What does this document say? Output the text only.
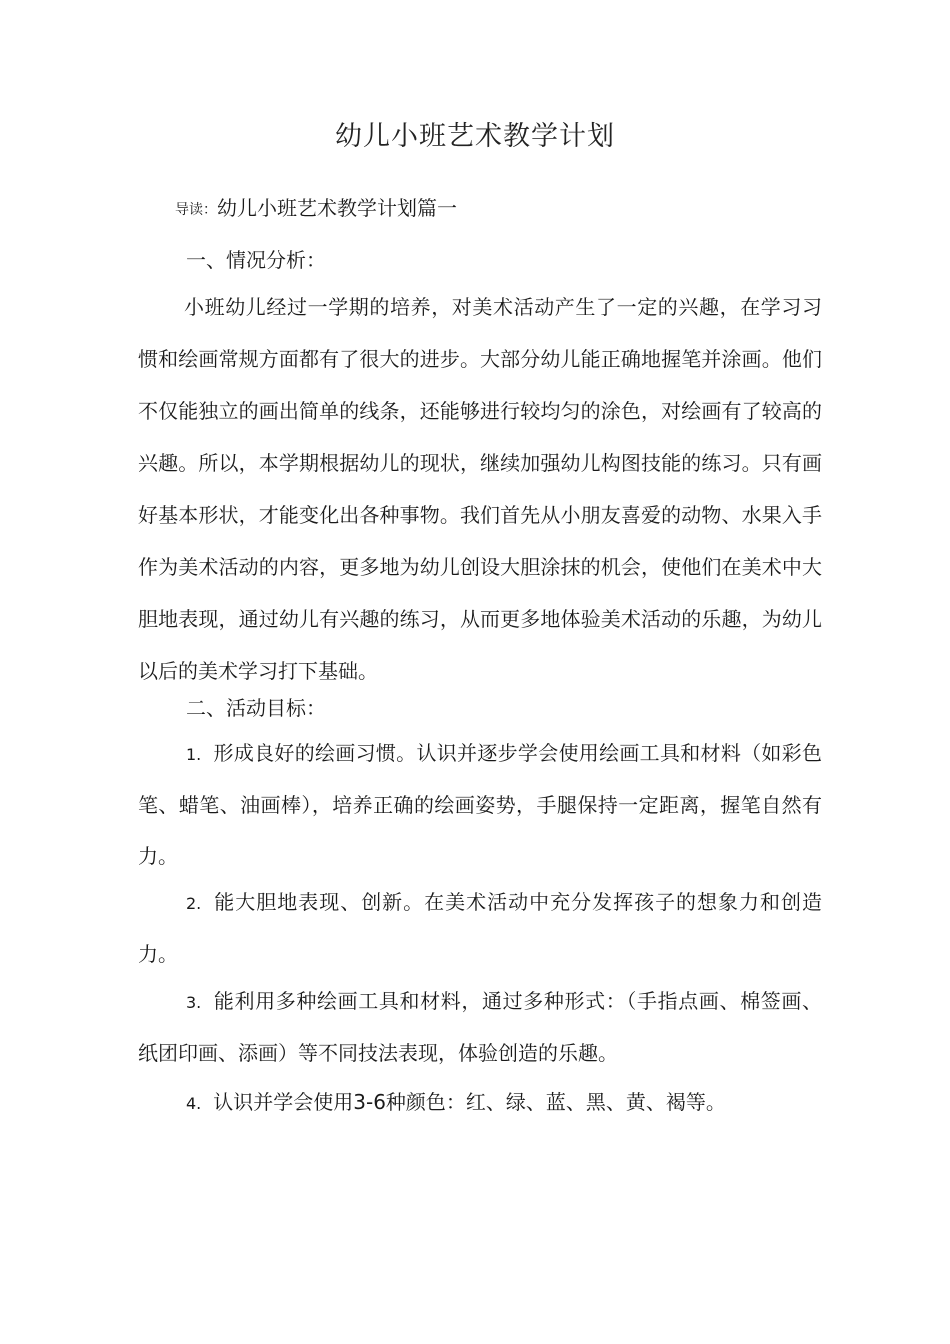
幼儿小班艺术教学计划
导读：幼儿小班艺术教学计划篇一
一、情况分析：

小班幼儿经过一学期的培养，对美术活动产生了一定的兴趣，在学习习惯和绘画常规方面都有了很大的进步。大部分幼儿能正确地握笔并涂画。他们不仅能独立的画出简单的线条，还能够进行较均匀的涂色，对绘画有了较高的兴趣。所以，本学期根据幼儿的现状，继续加强幼儿构图技能的练习。只有画好基本形状，才能变化出各种事物。我们首先从小朋友喜爱的动物、水果入手作为美术活动的内容，更多地为幼儿创设大胆涂抹的机会，使他们在美术中大胆地表现，通过幼儿有兴趣的练习，从而更多地体验美术活动的乐趣，为幼儿以后的美术学习打下基础。

二、活动目标：

1. 形成良好的绘画习惯。认识并逐步学会使用绘画工具和材料（如彩色笔、蜡笔、油画棒），培养正确的绘画姿势，手腿保持一定距离，握笔自然有力。

2. 能大胆地表现、创新。在美术活动中充分发挥孩子的想象力和创造力。

3. 能利用多种绘画工具和材料，通过多种形式：（手指点画、棉签画、纸团印画、添画）等不同技法表现，体验创造的乐趣。

4. 认识并学会使用3-6种颜色：红、绿、蓝、黑、黄、褐等。
